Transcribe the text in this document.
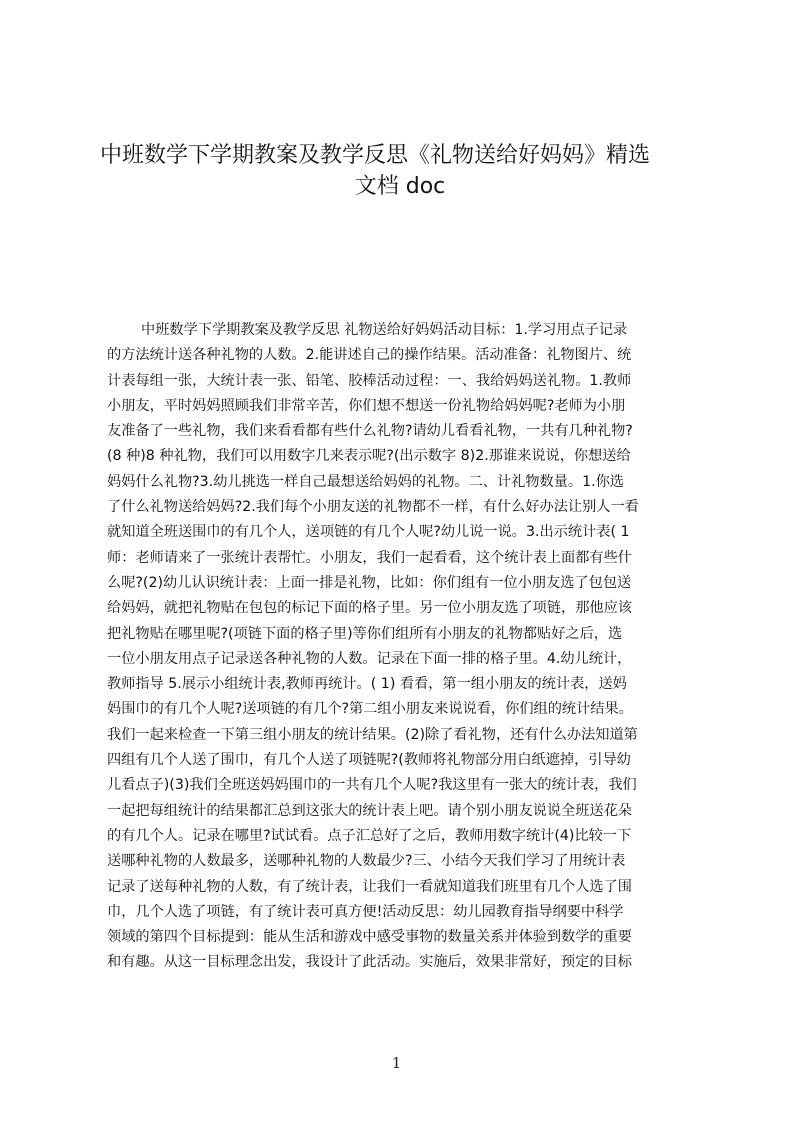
中班数学下学期教案及教学反思《礼物送给好妈妈》精选
文档 doc
中班数学下学期教案及教学反思 礼物送给好妈妈活动目标：1.学习用点子记录
的方法统计送各种礼物的人数。2.能讲述自己的操作结果。活动准备：礼物图片、统
计表每组一张，大统计表一张、铅笔、胶棒活动过程：一、我给妈妈送礼物。1.教师
小朋友，平时妈妈照顾我们非常辛苦，你们想不想送一份礼物给妈妈呢?老师为小朋
友准备了一些礼物，我们来看看都有些什么礼物?请幼儿看看礼物，一共有几种礼物?
(8 种)8 种礼物，我们可以用数字几来表示呢?(出示数字 8)2.那谁来说说，你想送给
妈妈什么礼物?3.幼儿挑选一样自己最想送给妈妈的礼物。二、计礼物数量。1.你选
了什么礼物送给妈妈?2.我们每个小朋友送的礼物都不一样，有什么好办法让别人一看
就知道全班送围巾的有几个人，送项链的有几个人呢?幼儿说一说。3.出示统计表( 1
师：老师请来了一张统计表帮忙。小朋友，我们一起看看，这个统计表上面都有些什
么呢?(2)幼儿认识统计表：上面一排是礼物，比如：你们组有一位小朋友选了包包送
给妈妈，就把礼物贴在包包的标记下面的格子里。另一位小朋友选了项链，那他应该
把礼物贴在哪里呢?(项链下面的格子里)等你们组所有小朋友的礼物都贴好之后，选
一位小朋友用点子记录送各种礼物的人数。记录在下面一排的格子里。4.幼儿统计，
教师指导 5.展示小组统计表,教师再统计。( 1) 看看，第一组小朋友的统计表，送妈
妈围巾的有几个人呢?送项链的有几个?第二组小朋友来说说看，你们组的统计结果。
我们一起来检查一下第三组小朋友的统计结果。(2)除了看礼物，还有什么办法知道第
四组有几个人送了围巾，有几个人送了项链呢?(教师将礼物部分用白纸遮掉，引导幼
儿看点子)(3)我们全班送妈妈围巾的一共有几个人呢?我这里有一张大的统计表，我们
一起把每组统计的结果都汇总到这张大的统计表上吧。请个别小朋友说说全班送花朵
的有几个人。记录在哪里?试试看。点子汇总好了之后，教师用数字统计(4)比较一下
送哪种礼物的人数最多，送哪种礼物的人数最少?三、小结今天我们学习了用统计表
记录了送每种礼物的人数，有了统计表，让我们一看就知道我们班里有几个人选了围
巾，几个人选了项链，有了统计表可真方便!活动反思：幼儿园教育指导纲要中科学
领域的第四个目标提到：能从生活和游戏中感受事物的数量关系并体验到数学的重要
和有趣。从这一目标理念出发，我设计了此活动。实施后，效果非常好，预定的目标
1
